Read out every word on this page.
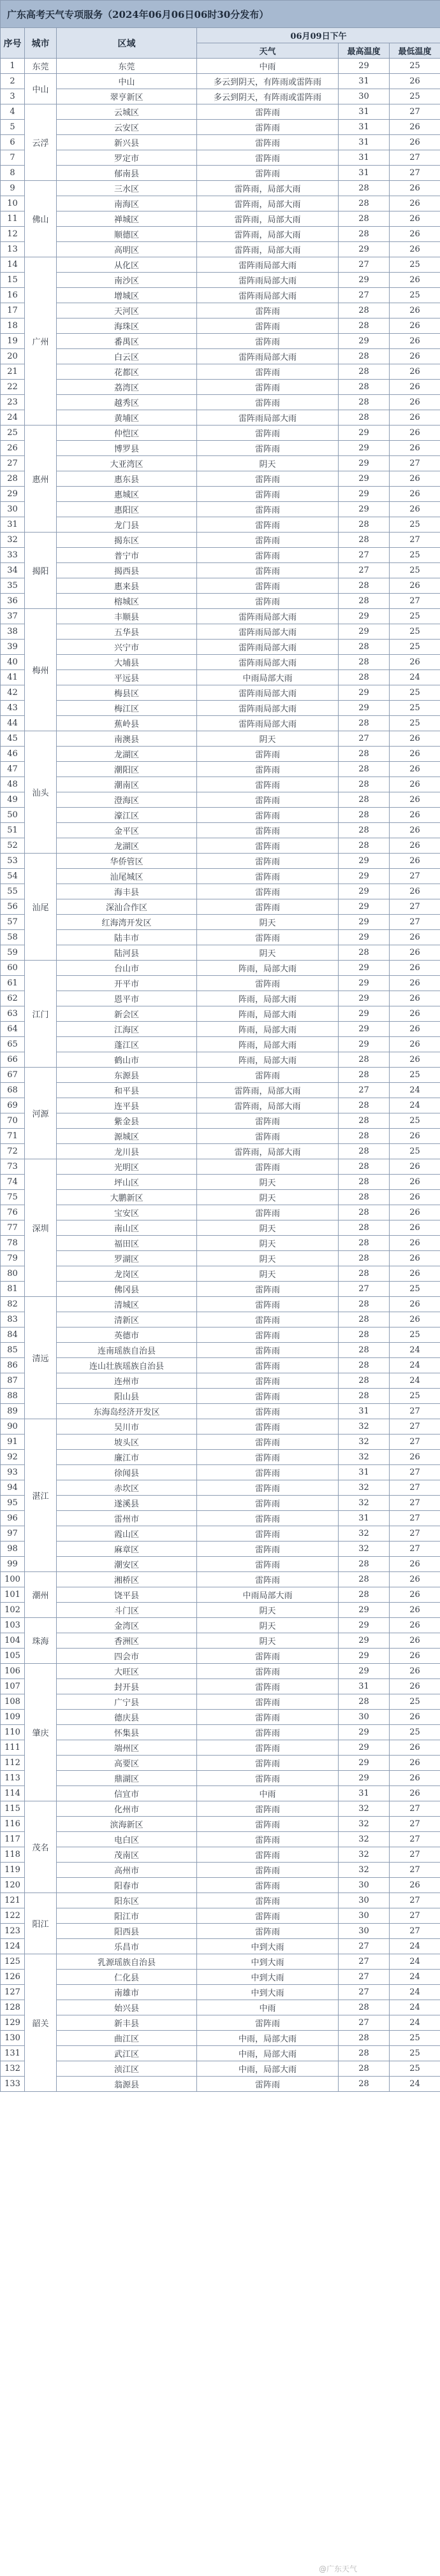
广东高考天气专项服务（2024年06月06日06时30分发布）					
序号	城市	区域	06月09日下午		
			天气	最高温度	最低温度
1	东莞	东莞	中雨	29	25
2	中山	中山	多云到阴天，有阵雨或雷阵雨	31	26
3		翠亨新区	多云到阴天，有阵雨或雷阵雨	30	25
4	云浮	云城区	雷阵雨	31	27
5		云安区	雷阵雨	31	26
6		新兴县	雷阵雨	31	26
7		罗定市	雷阵雨	31	27
8		郁南县	雷阵雨	31	27
9	佛山	三水区	雷阵雨，局部大雨	28	26
10		南海区	雷阵雨，局部大雨	28	26
11		禅城区	雷阵雨，局部大雨	28	26
12		顺德区	雷阵雨，局部大雨	28	26
13		高明区	雷阵雨，局部大雨	29	26
14	广州	从化区	雷阵雨局部大雨	27	25
15		南沙区	雷阵雨局部大雨	29	26
16		增城区	雷阵雨局部大雨	27	25
17		天河区	雷阵雨	28	26
18		海珠区	雷阵雨	28	26
19		番禺区	雷阵雨	29	26
20		白云区	雷阵雨局部大雨	28	26
21		花都区	雷阵雨	28	26
22		荔湾区	雷阵雨	28	26
23		越秀区	雷阵雨	28	26
24		黄埔区	雷阵雨局部大雨	28	26
25	惠州	仲恺区	雷阵雨	29	26
26		博罗县	雷阵雨	29	26
27		大亚湾区	阴天	29	27
28		惠东县	雷阵雨	29	26
29		惠城区	雷阵雨	29	26
30		惠阳区	雷阵雨	29	26
31		龙门县	雷阵雨	28	25
32	揭阳	揭东区	雷阵雨	28	27
33		普宁市	雷阵雨	27	25
34		揭西县	雷阵雨	27	25
35		惠来县	雷阵雨	28	26
36		榕城区	雷阵雨	28	27
37	梅州	丰顺县	雷阵雨局部大雨	29	25
38		五华县	雷阵雨局部大雨	29	25
39		兴宁市	雷阵雨局部大雨	28	25
40		大埔县	雷阵雨局部大雨	28	26
41		平远县	中雨局部大雨	28	24
42		梅县区	雷阵雨局部大雨	29	25
43		梅江区	雷阵雨局部大雨	29	25
44		蕉岭县	雷阵雨局部大雨	28	25
45	汕头	南澳县	阴天	27	26
46		龙湖区	雷阵雨	28	26
47		潮阳区	雷阵雨	28	26
48		潮南区	雷阵雨	28	26
49		澄海区	雷阵雨	28	26
50		濠江区	雷阵雨	28	26
51		金平区	雷阵雨	28	26
52		龙湖区	雷阵雨	28	26
53	汕尾	华侨管区	雷阵雨	29	26
54		汕尾城区	雷阵雨	29	27
55		海丰县	雷阵雨	29	26
56		深汕合作区	雷阵雨	29	27
57		红海湾开发区	阴天	29	27
58		陆丰市	雷阵雨	29	26
59		陆河县	阴天	28	26
60	江门	台山市	阵雨，局部大雨	29	26
61		开平市	雷阵雨	29	26
62		恩平市	阵雨，局部大雨	29	26
63		新会区	阵雨，局部大雨	29	26
64		江海区	阵雨，局部大雨	29	26
65		蓬江区	阵雨，局部大雨	29	26
66		鹤山市	阵雨，局部大雨	28	26
67	河源	东源县	雷阵雨	28	25
68		和平县	雷阵雨，局部大雨	27	24
69		连平县	雷阵雨，局部大雨	28	24
70		紫金县	雷阵雨	28	25
71		源城区	雷阵雨	28	26
72		龙川县	雷阵雨，局部大雨	28	25
73	深圳	光明区	雷阵雨	28	26
74		坪山区	阴天	28	26
75		大鹏新区	阴天	28	26
76		宝安区	雷阵雨	28	26
77		南山区	阴天	28	26
78		福田区	阴天	28	26
79		罗湖区	阴天	28	26
80		龙岗区	阴天	28	26
81		佛冈县	雷阵雨	27	25
82	清远	清城区	雷阵雨	28	26
83		清新区	雷阵雨	28	26
84		英德市	雷阵雨	28	25
85		连南瑶族自治县	雷阵雨	28	24
86		连山壮族瑶族自治县	雷阵雨	28	24
87		连州市	雷阵雨	28	24
88		阳山县	雷阵雨	28	25
89		东海岛经济开发区	雷阵雨	31	27
90	湛江	吴川市	雷阵雨	32	27
91		坡头区	雷阵雨	32	27
92		廉江市	雷阵雨	32	26
93		徐闻县	雷阵雨	31	27
94		赤坎区	雷阵雨	32	27
95		遂溪县	雷阵雨	32	27
96		雷州市	雷阵雨	31	27
97		霞山区	雷阵雨	32	27
98		麻章区	雷阵雨	32	27
99		潮安区	雷阵雨	28	26
100	潮州	湘桥区	雷阵雨	28	26
101		饶平县	中雨局部大雨	28	26
102		斗门区	阴天	29	26
103	珠海	金湾区	阴天	29	26
104		香洲区	阴天	29	26
105		四会市	雷阵雨	29	26
106	肇庆	大旺区	雷阵雨	29	26
107		封开县	雷阵雨	31	26
108		广宁县	雷阵雨	28	25
109		德庆县	雷阵雨	30	26
110		怀集县	雷阵雨	29	25
111		端州区	雷阵雨	29	26
112		高要区	雷阵雨	29	26
113		鼎湖区	雷阵雨	29	26
114		信宜市	中雨	31	26
115	茂名	化州市	雷阵雨	32	27
116		滨海新区	雷阵雨	32	27
117		电白区	雷阵雨	32	27
118		茂南区	雷阵雨	32	27
119		高州市	雷阵雨	32	27
120		阳春市	雷阵雨	30	26
121	阳江	阳东区	雷阵雨	30	27
122		阳江市	雷阵雨	30	27
123		阳西县	雷阵雨	30	27
124		乐昌市	中到大雨	27	24
125	韶关	乳源瑶族自治县	中到大雨	27	24
126		仁化县	中到大雨	27	24
127		南雄市	中到大雨	27	24
128		始兴县	中雨	28	24
129		新丰县	雷阵雨	27	24
130		曲江区	中雨，局部大雨	28	25
131		武江区	中雨，局部大雨	28	25
132		浈江区	中雨，局部大雨	28	25
133		翁源县	雷阵雨	28	24
@广东天气
